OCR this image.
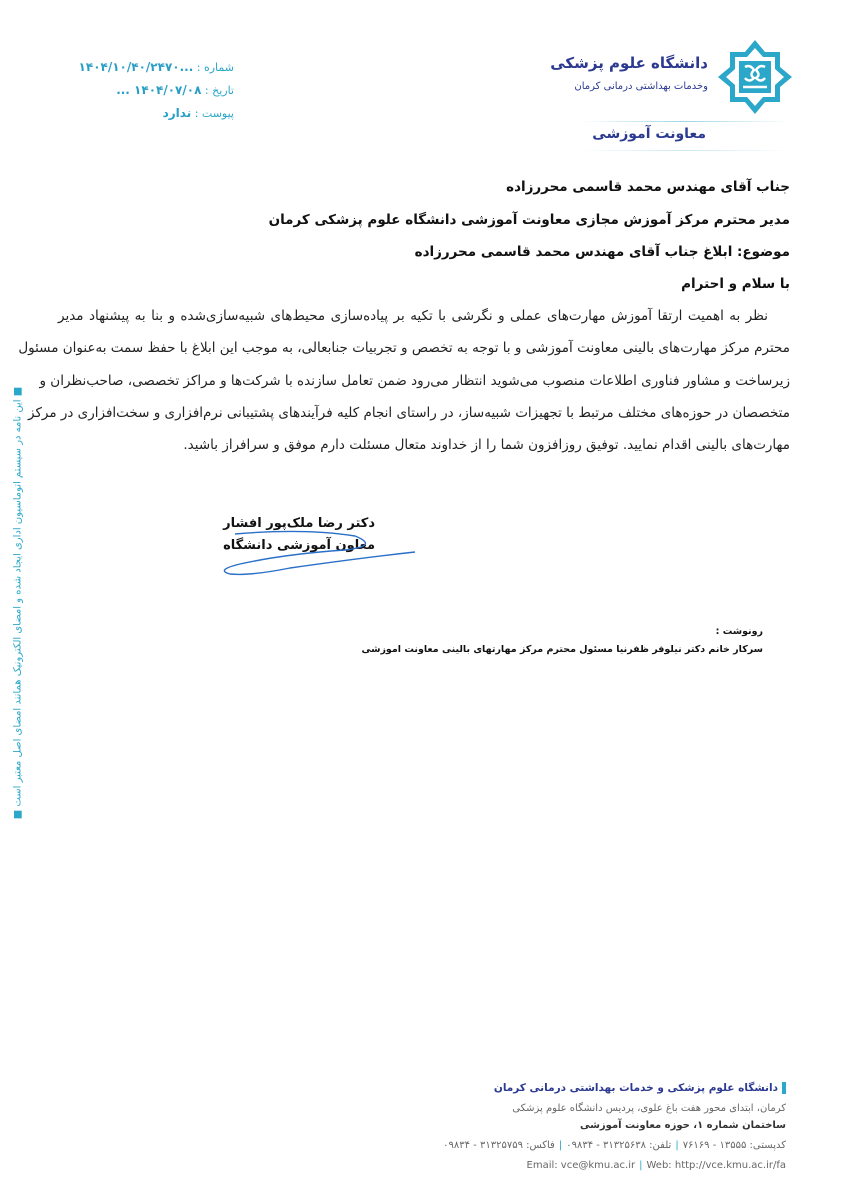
دانشگاه علوم پزشکی
وخدمات بهداشتی درمانی کرمان
معاونت آموزشی
شماره : ...۱۴۰۴/۱۰/۴۰/۲۴۷۰
تاریخ : ۱۴۰۴/۰۷/۰۸ ...
پیوست : ندارد
جناب آقای مهندس محمد قاسمی محررزاده
مدیر محترم مرکز آموزش مجازی معاونت آموزشی دانشگاه علوم پزشکی کرمان
موضوع: ابلاغ جناب آقای مهندس محمد قاسمی محررزاده
با سلام و احترام
نظر به اهمیت ارتقا آموزش مهارت‌های عملی و نگرشی با تکیه بر پیاده‌سازی محیط‌های شبیه‌سازی‌شده و بنا به پیشنهاد مدیر
محترم مرکز مهارت‌های بالینی معاونت آموزشی و با توجه به تخصص و تجربیات جنابعالی، به موجب این ابلاغ با حفظ سمت به‌عنوان مسئول
زیرساخت و مشاور فناوری اطلاعات منصوب می‌شوید انتظار می‌رود ضمن تعامل سازنده با شرکت‌ها و مراکز تخصصی، صاحب‌نظران و
متخصصان در حوزه‌های مختلف مرتبط با تجهیزات شبیه‌ساز، در راستای انجام کلیه فرآیندهای پشتیبانی نرم‌افزاری و سخت‌افزاری در مرکز
مهارت‌های بالینی اقدام نمایید. توفیق روزافزون شما را از خداوند متعال مسئلت دارم موفق و سرافراز باشید.
دکتر رضا ملک‌پور افشار
معاون آموزشی دانشگاه
رونوشت :
سرکار خانم دکتر نیلوفر ظفرنیا مسئول محترم مرکز مهارتهای بالینی معاونت اموزشی
■ این نامه در سیستم اتوماسیون اداری ایجاد شده و امضای الکترونیک همانند امضای اصل معتبر است ■
دانشگاه علوم پزشکی و خدمات بهداشتی درمانی کرمان
کرمان، ابتدای محور هفت باغ علوی، پردیس دانشگاه علوم پزشکی
ساختمان شماره ۱، حوزه معاونت آموزشی
کدپستی: ۱۳۵۵۵ - ۷۶۱۶۹|تلفن: ۳۱۳۲۵۶۳۸ - ۰۹۸۳۴|فاکس: ۳۱۳۲۵۷۵۹ - ۰۹۸۳۴
Email: vce@kmu.ac.ir | Web: http://vce.kmu.ac.ir/fa
